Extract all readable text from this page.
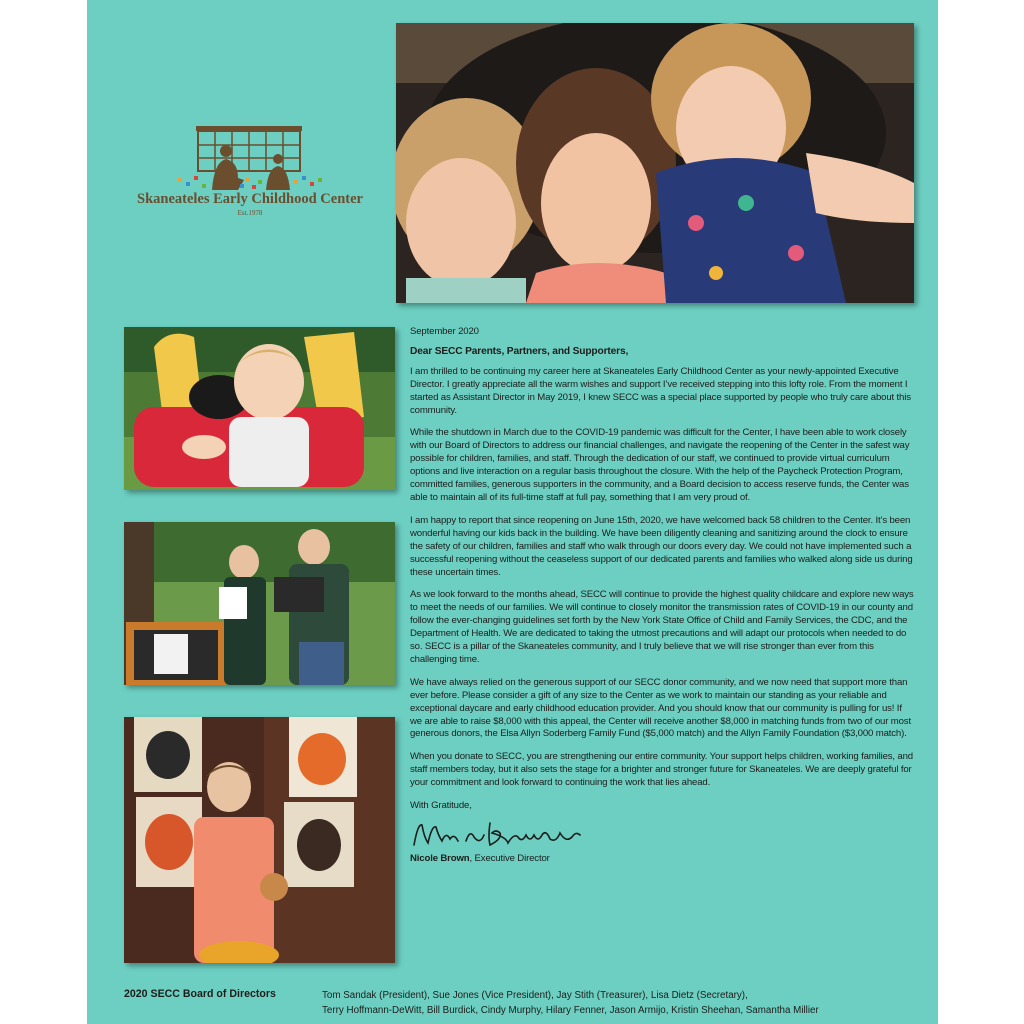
Skaneateles Early Childhood Center
Est.1978

September 2020

Dear SECC Parents, Partners, and Supporters,

I am thrilled to be continuing my career here at Skaneateles Early Childhood Center as your newly-appointed Executive Director. I greatly appreciate all the warm wishes and support I’ve received stepping into this lofty role. From the moment I started as Assistant Director in May 2019, I knew SECC was a special place supported by people who truly care about this community.

While the shutdown in March due to the COVID-19 pandemic was difficult for the Center, I have been able to work closely with our Board of Directors to address our financial challenges, and navigate the reopening of the Center in the safest way possible for children, families, and staff. Through the dedication of our staff, we continued to provide virtual curriculum options and live interaction on a regular basis throughout the closure. With the help of the Paycheck Protection Program, committed families, generous supporters in the community, and a Board decision to access reserve funds, the Center was able to maintain all of its full-time staff at full pay, something that I am very proud of.

I am happy to report that since reopening on June 15th, 2020, we have welcomed back 58 children to the Center. It’s been wonderful having our kids back in the building. We have been diligently cleaning and sanitizing around the clock to ensure the safety of our children, families and staff who walk through our doors every day. We could not have implemented such a successful reopening without the ceaseless support of our dedicated parents and families who walked along side us during these uncertain times.

As we look forward to the months ahead, SECC will continue to provide the highest quality childcare and explore new ways to meet the needs of our families. We will continue to closely monitor the transmission rates of COVID-19 in our county and follow the ever-changing guidelines set forth by the New York State Office of Child and Family Services, the CDC, and the Department of Health. We are dedicated to taking the utmost precautions and will adapt our protocols when needed to do so. SECC is a pillar of the Skaneateles community, and I truly believe that we will rise stronger than ever from this challenging time.

We have always relied on the generous support of our SECC donor community, and we now need that support more than ever before. Please consider a gift of any size to the Center as we work to maintain our standing as your reliable and exceptional daycare and early childhood education provider. And you should know that our community is pulling for us! If we are able to raise $8,000 with this appeal, the Center will receive another $8,000 in matching funds from two of our most generous donors, the Elsa Allyn Soderberg Family Fund ($5,000 match) and the Allyn Family Foundation ($3,000 match).

When you donate to SECC, you are strengthening our entire community. Your support helps children, working families, and staff members today, but it also sets the stage for a brighter and stronger future for Skaneateles. We are deeply grateful for your commitment and look forward to continuing the work that lies ahead.

With Gratitude,

Nicole Brown, Executive Director

2020 SECC Board of Directors	Tom Sandak (President), Sue Jones (Vice President), Jay Stith (Treasurer), Lisa Dietz (Secretary),
Terry Hoffmann-DeWitt, Bill Burdick, Cindy Murphy, Hilary Fenner, Jason Armijo, Kristin Sheehan, Samantha Millier
